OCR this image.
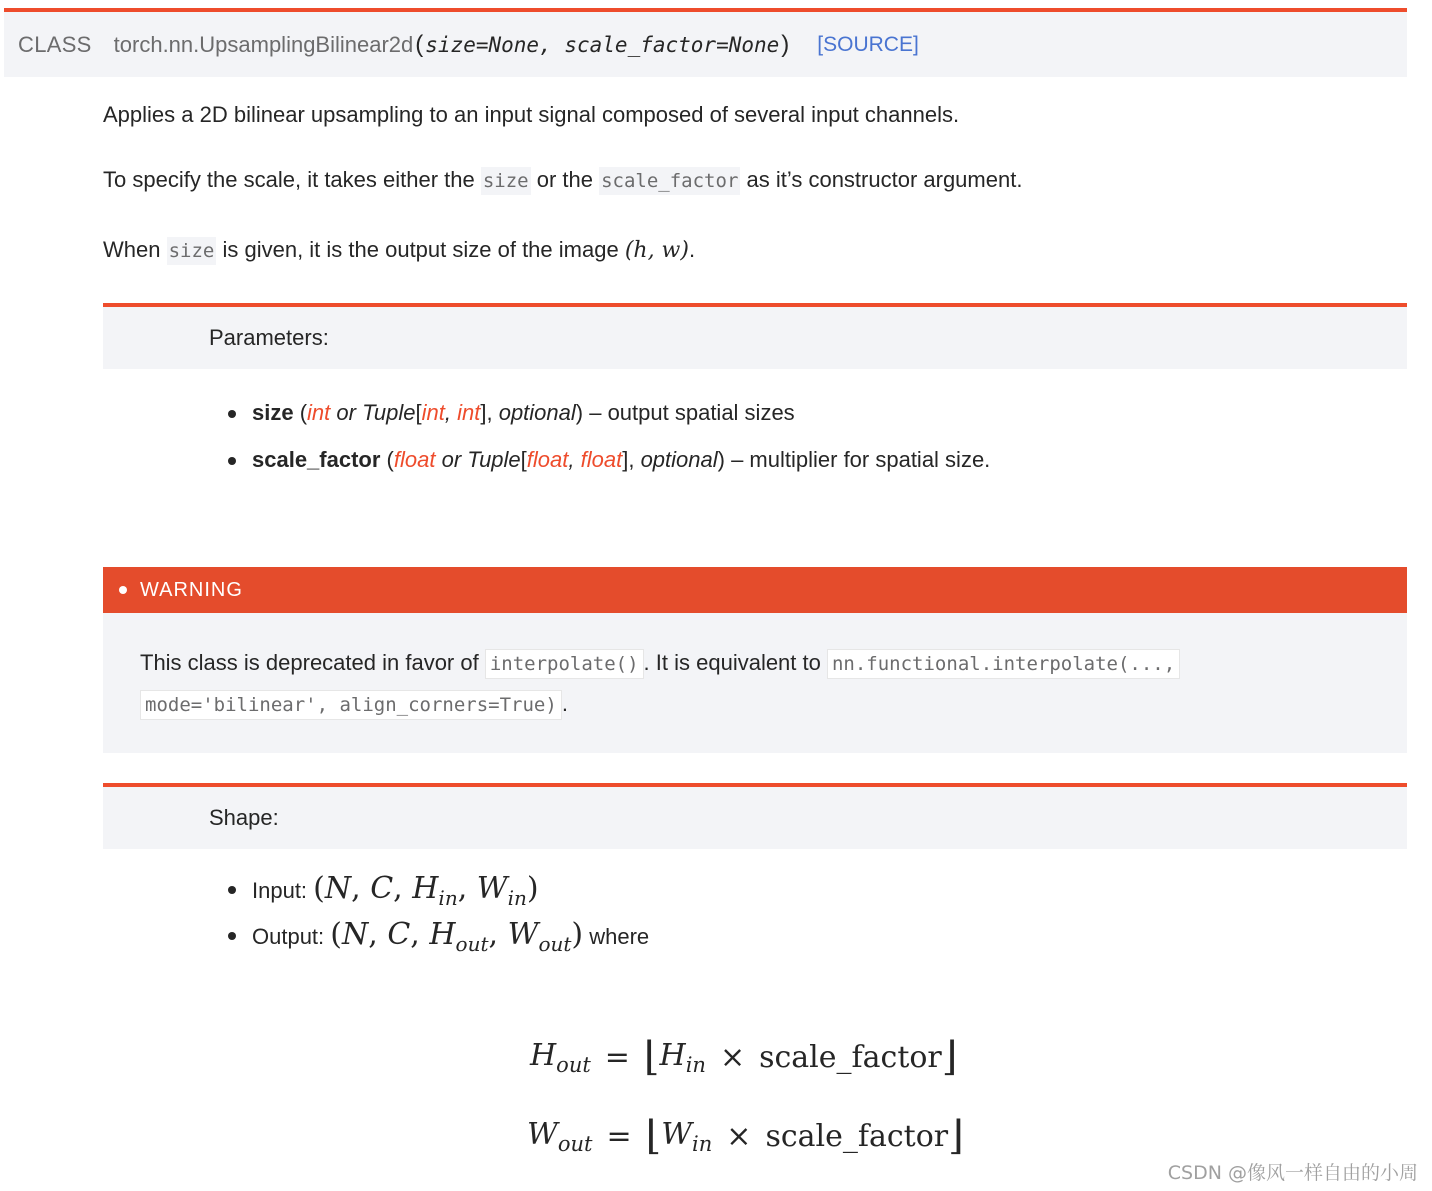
CLASS torch.nn.UpsamplingBilinear2d ( size=None, scale_factor=None ) [SOURCE]

Applies a 2D bilinear upsampling to an input signal composed of several input channels.

To specify the scale, it takes either the size or the scale_factor as it’s constructor argument.

When size is given, it is the output size of the image (h, w).

Parameters:
size (int or Tuple[int, int], optional) – output spatial sizes
scale_factor (float or Tuple[float, float], optional) – multiplier for spatial size.
WARNING
This class is deprecated in favor of interpolate() . It is equivalent to nn.functional.interpolate(...,
mode='bilinear', align_corners=True) .
Shape:
Input: (N, C, $H_{in}$, $W_{in}$)
Output: (N, C, $H_{out}$, $W_{out}$) where
$H_{out}$ = ⌊ $H_{in}$ × scale_factor ⌋
$W_{out}$ = ⌊ $W_{in}$ × scale_factor ⌋
CSDN @像风一样自由的小周
